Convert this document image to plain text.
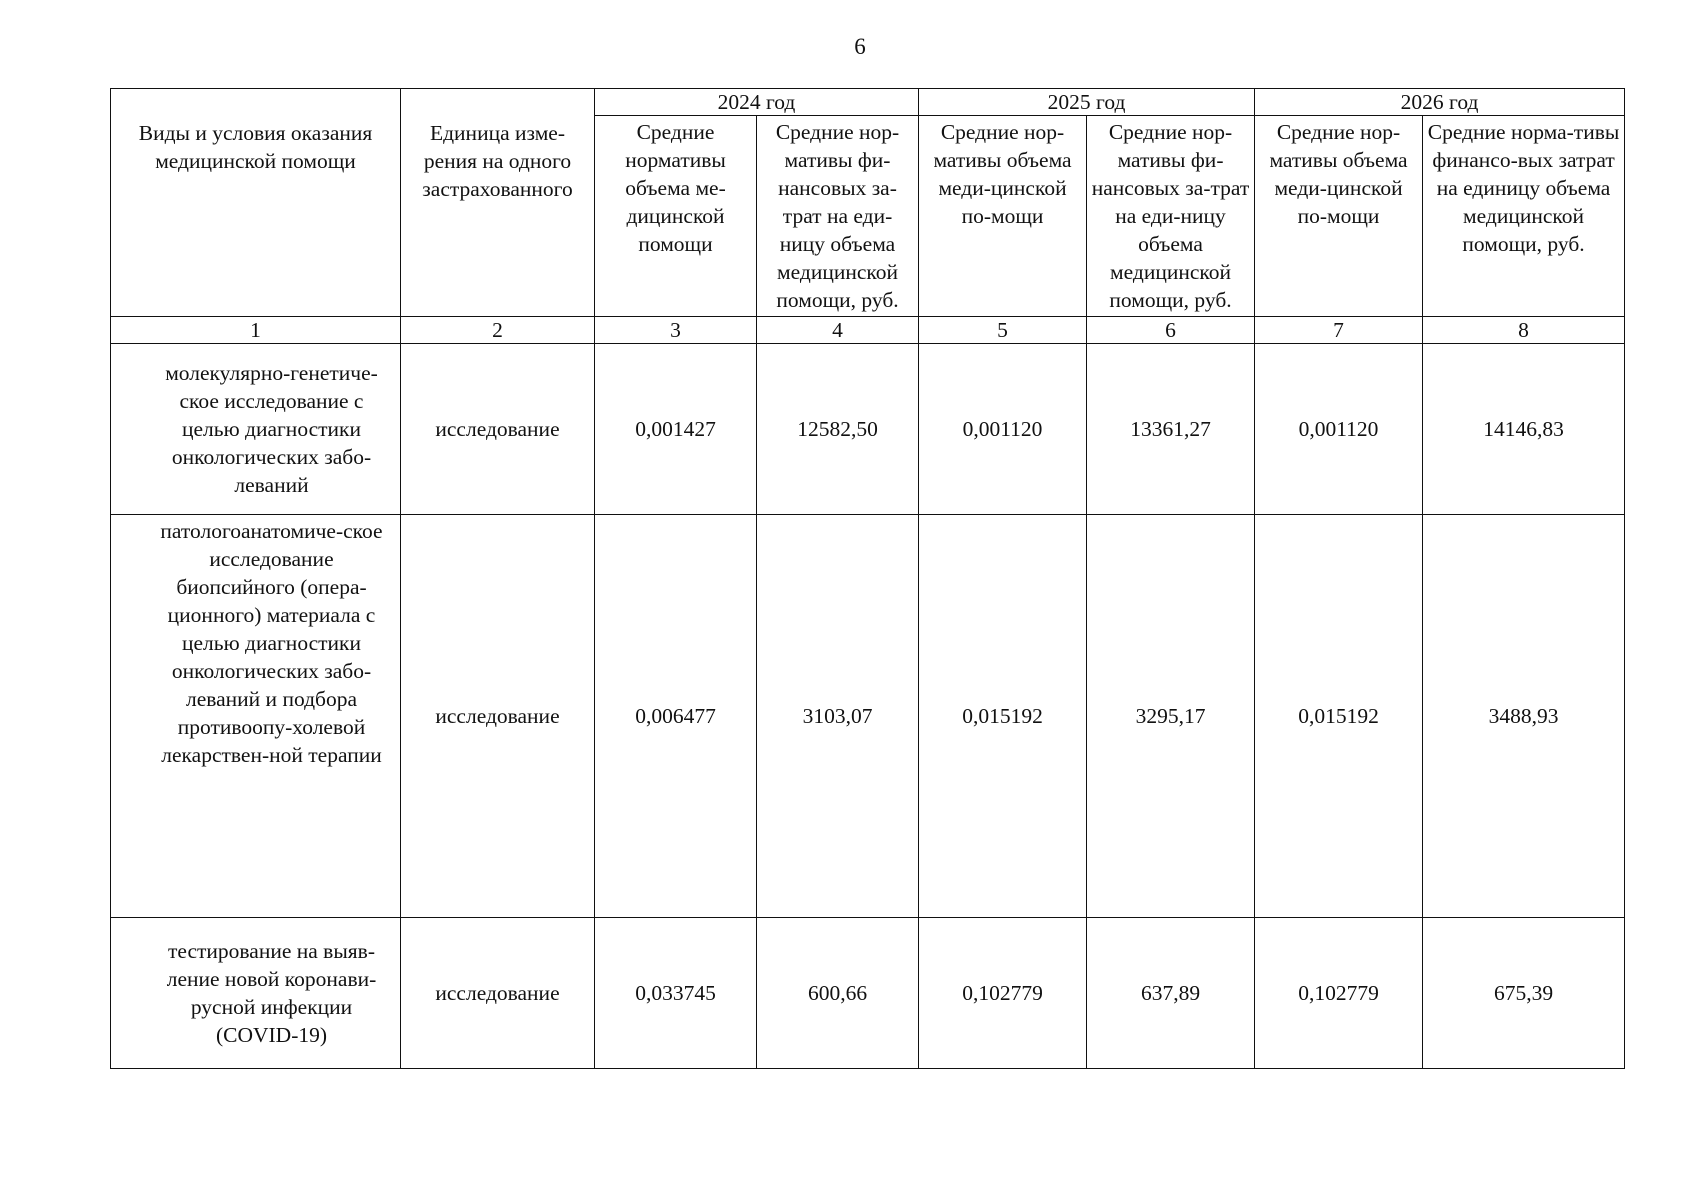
6
Виды и условия оказания медицинской помощи	Единица изме-рения на одного застрахованного	2024 год		2025 год		2026 год	
		Средние нормативы объема ме-дицинской помощи	Средние нор-мативы фи-нансовых за-трат на еди-ницу объема медицинской помощи, руб.	Средние нор-мативы объема меди-цинской по-мощи	Средние нор-мативы фи-нансовых за-трат на еди-ницу объема медицинской помощи, руб.	Средние нор-мативы объема меди-цинской по-мощи	Средние норма-тивы финансо-вых затрат на единицу объема медицинской помощи, руб.
1	2	3	4	5	6	7	8
молекулярно-генетиче-ское исследование с целью диагностики онкологических забо-леваний	исследование	0,001427	12582,50	0,001120	13361,27	0,001120	14146,83
патологоанатомиче-ское исследование биопсийного (опера-ционного) материала с целью диагностики онкологических забо-леваний и подбора противоопу-холевой лекарствен-ной терапии	исследование	0,006477	3103,07	0,015192	3295,17	0,015192	3488,93
тестирование на выяв-ление новой коронави-русной инфекции (COVID-19)	исследование	0,033745	600,66	0,102779	637,89	0,102779	675,39
